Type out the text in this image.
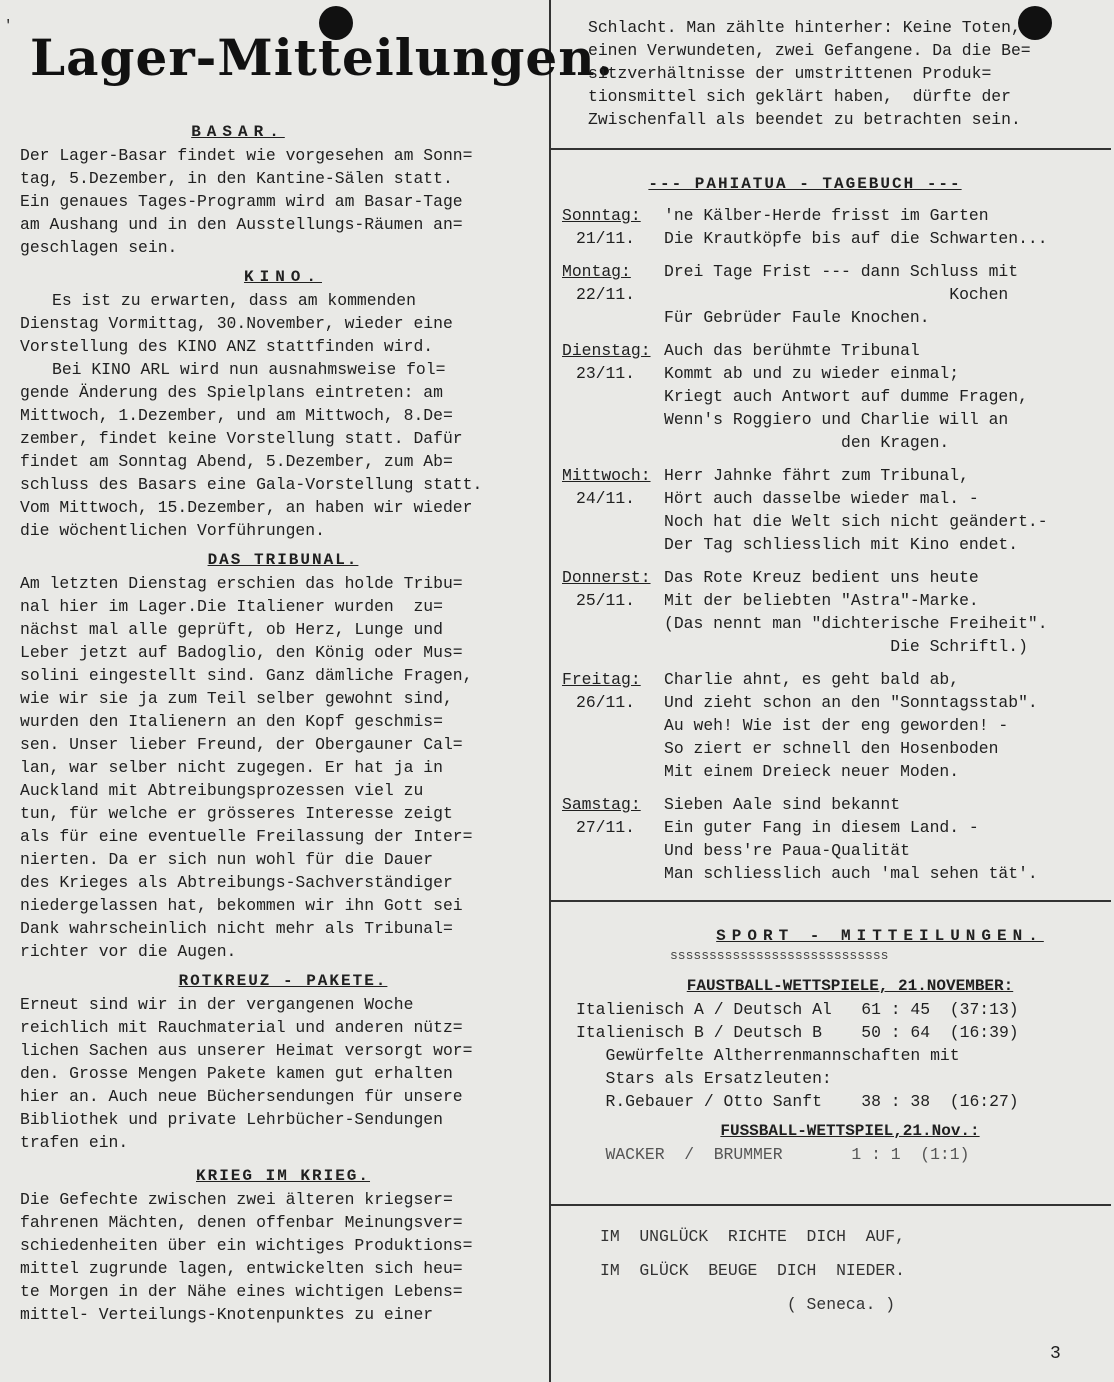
'
Lager-Mitteilungen.
BASAR.

Der Lager-Basar findet wie vorgesehen am Sonn=

tag, 5.Dezember, in den Kantine-Sälen statt.

Ein genaues Tages-Programm wird am Basar-Tage

am Aushang und in den Ausstellungs-Räumen an=

geschlagen sein.

KINO.

Es ist zu erwarten, dass am kommenden

Dienstag Vormittag, 30.November, wieder eine

Vorstellung des KINO ANZ stattfinden wird.

Bei KINO ARL wird nun ausnahmsweise fol=

gende Änderung des Spielplans eintreten: am

Mittwoch, 1.Dezember, und am Mittwoch, 8.De=

zember, findet keine Vorstellung statt. Dafür

findet am Sonntag Abend, 5.Dezember, zum Ab=

schluss des Basars eine Gala-Vorstellung statt.

Vom Mittwoch, 15.Dezember, an haben wir wieder

die wöchentlichen Vorführungen.

DAS TRIBUNAL.

Am letzten Dienstag erschien das holde Tribu=

nal hier im Lager.Die Italiener wurden  zu=

nächst mal alle geprüft, ob Herz, Lunge und

Leber jetzt auf Badoglio, den König oder Mus=

solini eingestellt sind. Ganz dämliche Fragen,

wie wir sie ja zum Teil selber gewohnt sind,

wurden den Italienern an den Kopf geschmis=

sen. Unser lieber Freund, der Obergauner Cal=

lan, war selber nicht zugegen. Er hat ja in

Auckland mit Abtreibungsprozessen viel zu

tun, für welche er grösseres Interesse zeigt

als für eine eventuelle Freilassung der Inter=

nierten. Da er sich nun wohl für die Dauer

des Krieges als Abtreibungs-Sachverständiger

niedergelassen hat, bekommen wir ihn Gott sei

Dank wahrscheinlich nicht mehr als Tribunal=

richter vor die Augen.

ROTKREUZ - PAKETE.

Erneut sind wir in der vergangenen Woche

reichlich mit Rauchmaterial und anderen nütz=

lichen Sachen aus unserer Heimat versorgt wor=

den. Grosse Mengen Pakete kamen gut erhalten

hier an. Auch neue Büchersendungen für unsere

Bibliothek und private Lehrbücher-Sendungen

trafen ein.

KRIEG IM KRIEG.

Die Gefechte zwischen zwei älteren kriegser=

fahrenen Mächten, denen offenbar Meinungsver=

schiedenheiten über ein wichtiges Produktions=

mittel zugrunde lagen, entwickelten sich heu=

te Morgen in der Nähe eines wichtigen Lebens=

mittel- Verteilungs-Knotenpunktes zu einer

Schlacht. Man zählte hinterher: Keine Toten,

einen Verwundeten, zwei Gefangene. Da die Be=

sitzverhältnisse der umstrittenen Produk=

tionsmittel sich geklärt haben,  dürfte der

Zwischenfall als beendet zu betrachten sein.

--- PAHIATUA - TAGEBUCH ---
Sonntag:
21/11.
'ne Kälber-Herde frisst im Garten
Die Krautköpfe bis auf die Schwarten...
Montag:
22/11.
Drei Tage Frist --- dann Schluss mit
Kochen
Für Gebrüder Faule Knochen.
Dienstag:
23/11.
Auch das berühmte Tribunal
Kommt ab und zu wieder einmal;
Kriegt auch Antwort auf dumme Fragen,
Wenn's Roggiero und Charlie will an
den Kragen.
Mittwoch:
24/11.
Herr Jahnke fährt zum Tribunal,
Hört auch dasselbe wieder mal. -
Noch hat die Welt sich nicht geändert.-
Der Tag schliesslich mit Kino endet.
Donnerst:
25/11.
Das Rote Kreuz bedient uns heute
Mit der beliebten "Astra"-Marke.
(Das nennt man "dichterische Freiheit".
Die Schriftl.)
Freitag:
26/11.
Charlie ahnt, es geht bald ab,
Und zieht schon an den "Sonntagsstab".
Au weh! Wie ist der eng geworden! -
So ziert er schnell den Hosenboden
Mit einem Dreieck neuer Moden.
Samstag:
27/11.
Sieben Aale sind bekannt
Ein guter Fang in diesem Land. -
Und bess're Paua-Qualität
Man schliesslich auch 'mal sehen tät'.
SPORT - MITTEILUNGEN.

ssssssssssssssssssssssssssss

FAUSTBALL-WETTSPIELE, 21.NOVEMBER:

Italienisch A / Deutsch Al   61 : 45  (37:13)

Italienisch B / Deutsch B    50 : 64  (16:39)

Gewürfelte Altherrenmannschaften mit

Stars als Ersatzleuten:

R.Gebauer / Otto Sanft    38 : 38  (16:27)

FUSSBALL-WETTSPIEL,21.Nov.:

WACKER  /  BRUMMER       1 : 1  (1:1)

IM  UNGLÜCK  RICHTE  DICH  AUF,

IM  GLÜCK  BEUGE  DICH  NIEDER.

( Seneca. )

3
